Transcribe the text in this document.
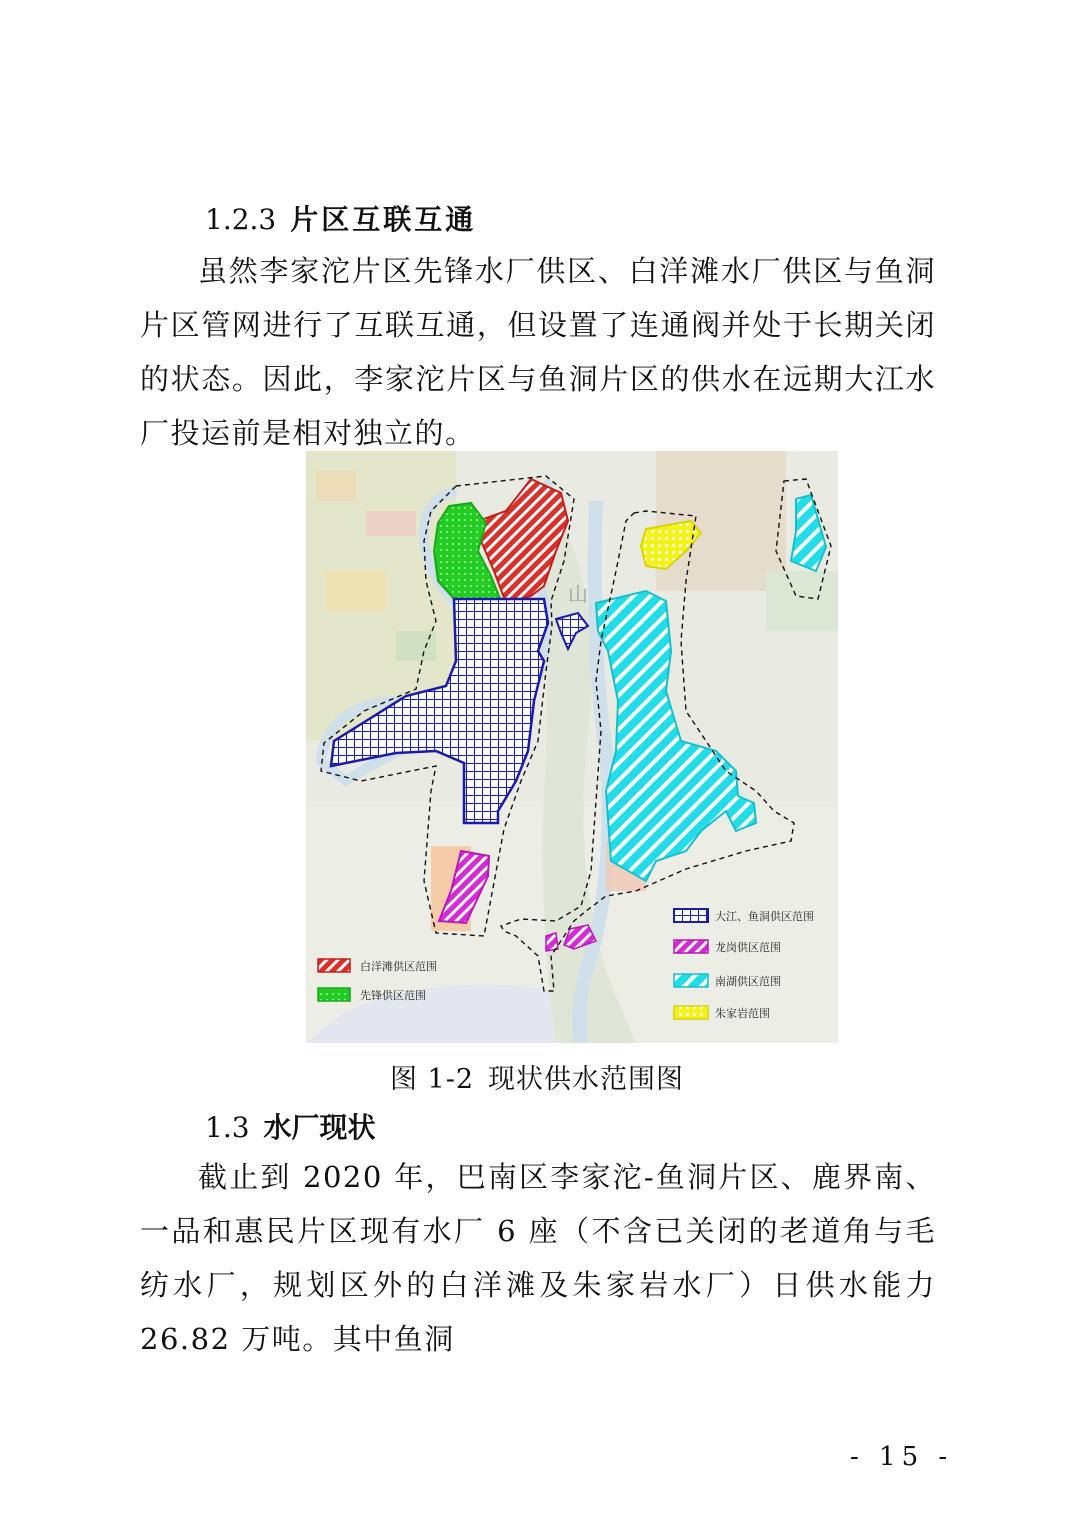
1.2.3 片区互联互通

虽然李家沱片区先锋水厂供区、白洋滩水厂供区与鱼洞片区管网进行了互联互通，但设置了连通阀并处于长期关闭的状态。因此，李家沱片区与鱼洞片区的供水在远期大江水厂投运前是相对独立的。

山
白洋滩供区范围
先锋供区范围
大江、鱼洞供区范围
龙岗供区范围
南湖供区范围
朱家岩范围

图 1-2 现状供水范围图

1.3 水厂现状

截止到 2020 年，巴南区李家沱-鱼洞片区、鹿界南、一品和惠民片区现有水厂 6 座（不含已关闭的老道角与毛纺水厂，规划区外的白洋滩及朱家岩水厂）日供水能力 26.82 万吨。其中鱼洞

- 15 -
